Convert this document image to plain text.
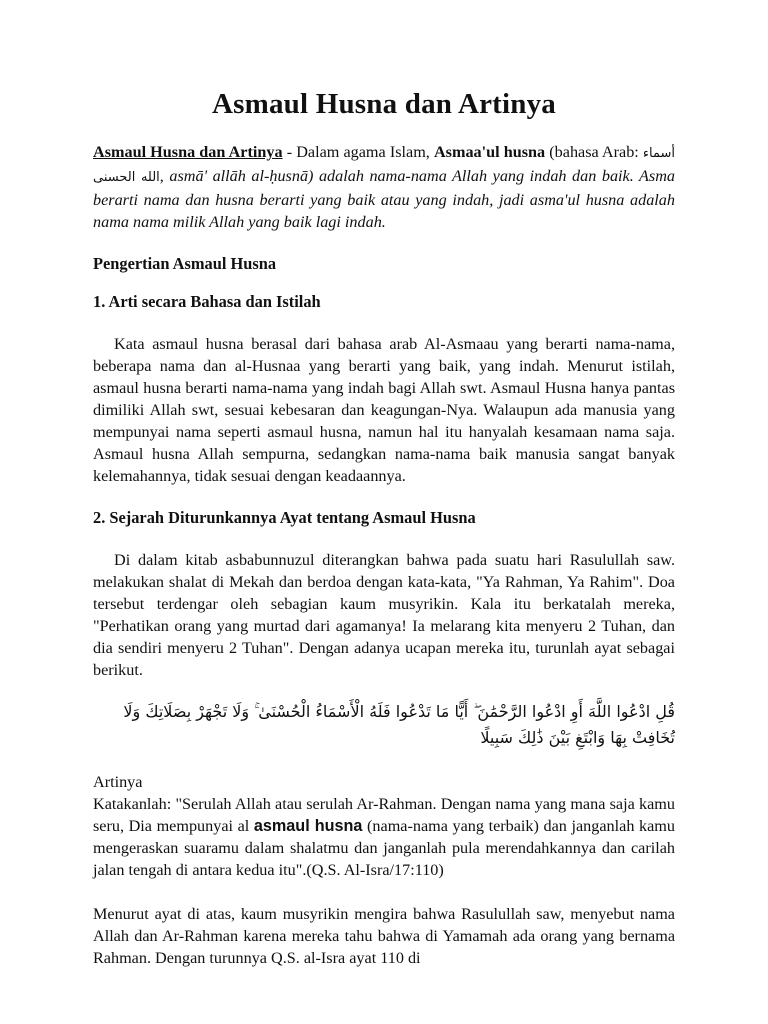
Asmaul Husna dan Artinya

Asmaul Husna dan Artinya - Dalam agama Islam, Asmaa'ul husna (bahasa Arab: أسماء الله الحسنى, asmā' allāh al-ḥusnā) adalah nama-nama Allah yang indah dan baik. Asma berarti nama dan husna berarti yang baik atau yang indah, jadi asma'ul husna adalah nama nama milik Allah yang baik lagi indah.

Pengertian Asmaul Husna
1. Arti secara Bahasa dan Istilah

Kata asmaul husna berasal dari bahasa arab Al-Asmaau yang berarti nama-nama, beberapa nama dan al-Husnaa yang berarti yang baik, yang indah. Menurut istilah, asmaul husna berarti nama-nama yang indah bagi Allah swt. Asmaul Husna hanya pantas dimiliki Allah swt, sesuai kebesaran dan keagungan-Nya. Walaupun ada manusia yang mempunyai nama seperti asmaul husna, namun hal itu hanyalah kesamaan nama saja. Asmaul husna Allah sempurna, sedangkan nama-nama baik manusia sangat banyak kelemahannya, tidak sesuai dengan keadaannya.

2. Sejarah Diturunkannya Ayat tentang Asmaul Husna

Di dalam kitab asbabunnuzul diterangkan bahwa pada suatu hari Rasulullah saw. melakukan shalat di Mekah dan berdoa dengan kata-kata, "Ya Rahman, Ya Rahim". Doa tersebut terdengar oleh sebagian kaum musyrikin. Kala itu berkatalah mereka, "Perhatikan orang yang murtad dari agamanya! Ia melarang kita menyeru 2 Tuhan, dan dia sendiri menyeru 2 Tuhan". Dengan adanya ucapan mereka itu, turunlah ayat sebagai berikut.

قُلِ ادْعُوا اللَّهَ أَوِ ادْعُوا الرَّحْمَٰنَ ۖ أَيًّا مَا تَدْعُوا فَلَهُ الْأَسْمَاءُ الْحُسْنَىٰ ۚ وَلَا تَجْهَرْ بِصَلَاتِكَ وَلَا تُخَافِتْ بِهَا وَابْتَغِ بَيْنَ ذَٰلِكَ سَبِيلًا

Artinya

Katakanlah: "Serulah Allah atau serulah Ar-Rahman. Dengan nama yang mana saja kamu seru, Dia mempunyai al asmaul husna (nama-nama yang terbaik) dan janganlah kamu mengeraskan suaramu dalam shalatmu dan janganlah pula merendahkannya dan carilah jalan tengah di antara kedua itu".(Q.S. Al-Isra/17:110)

Menurut ayat di atas, kaum musyrikin mengira bahwa Rasulullah saw, menyebut nama Allah dan Ar-Rahman karena mereka tahu bahwa di Yamamah ada orang yang bernama Rahman. Dengan turunnya Q.S. al-Isra ayat 110 di
